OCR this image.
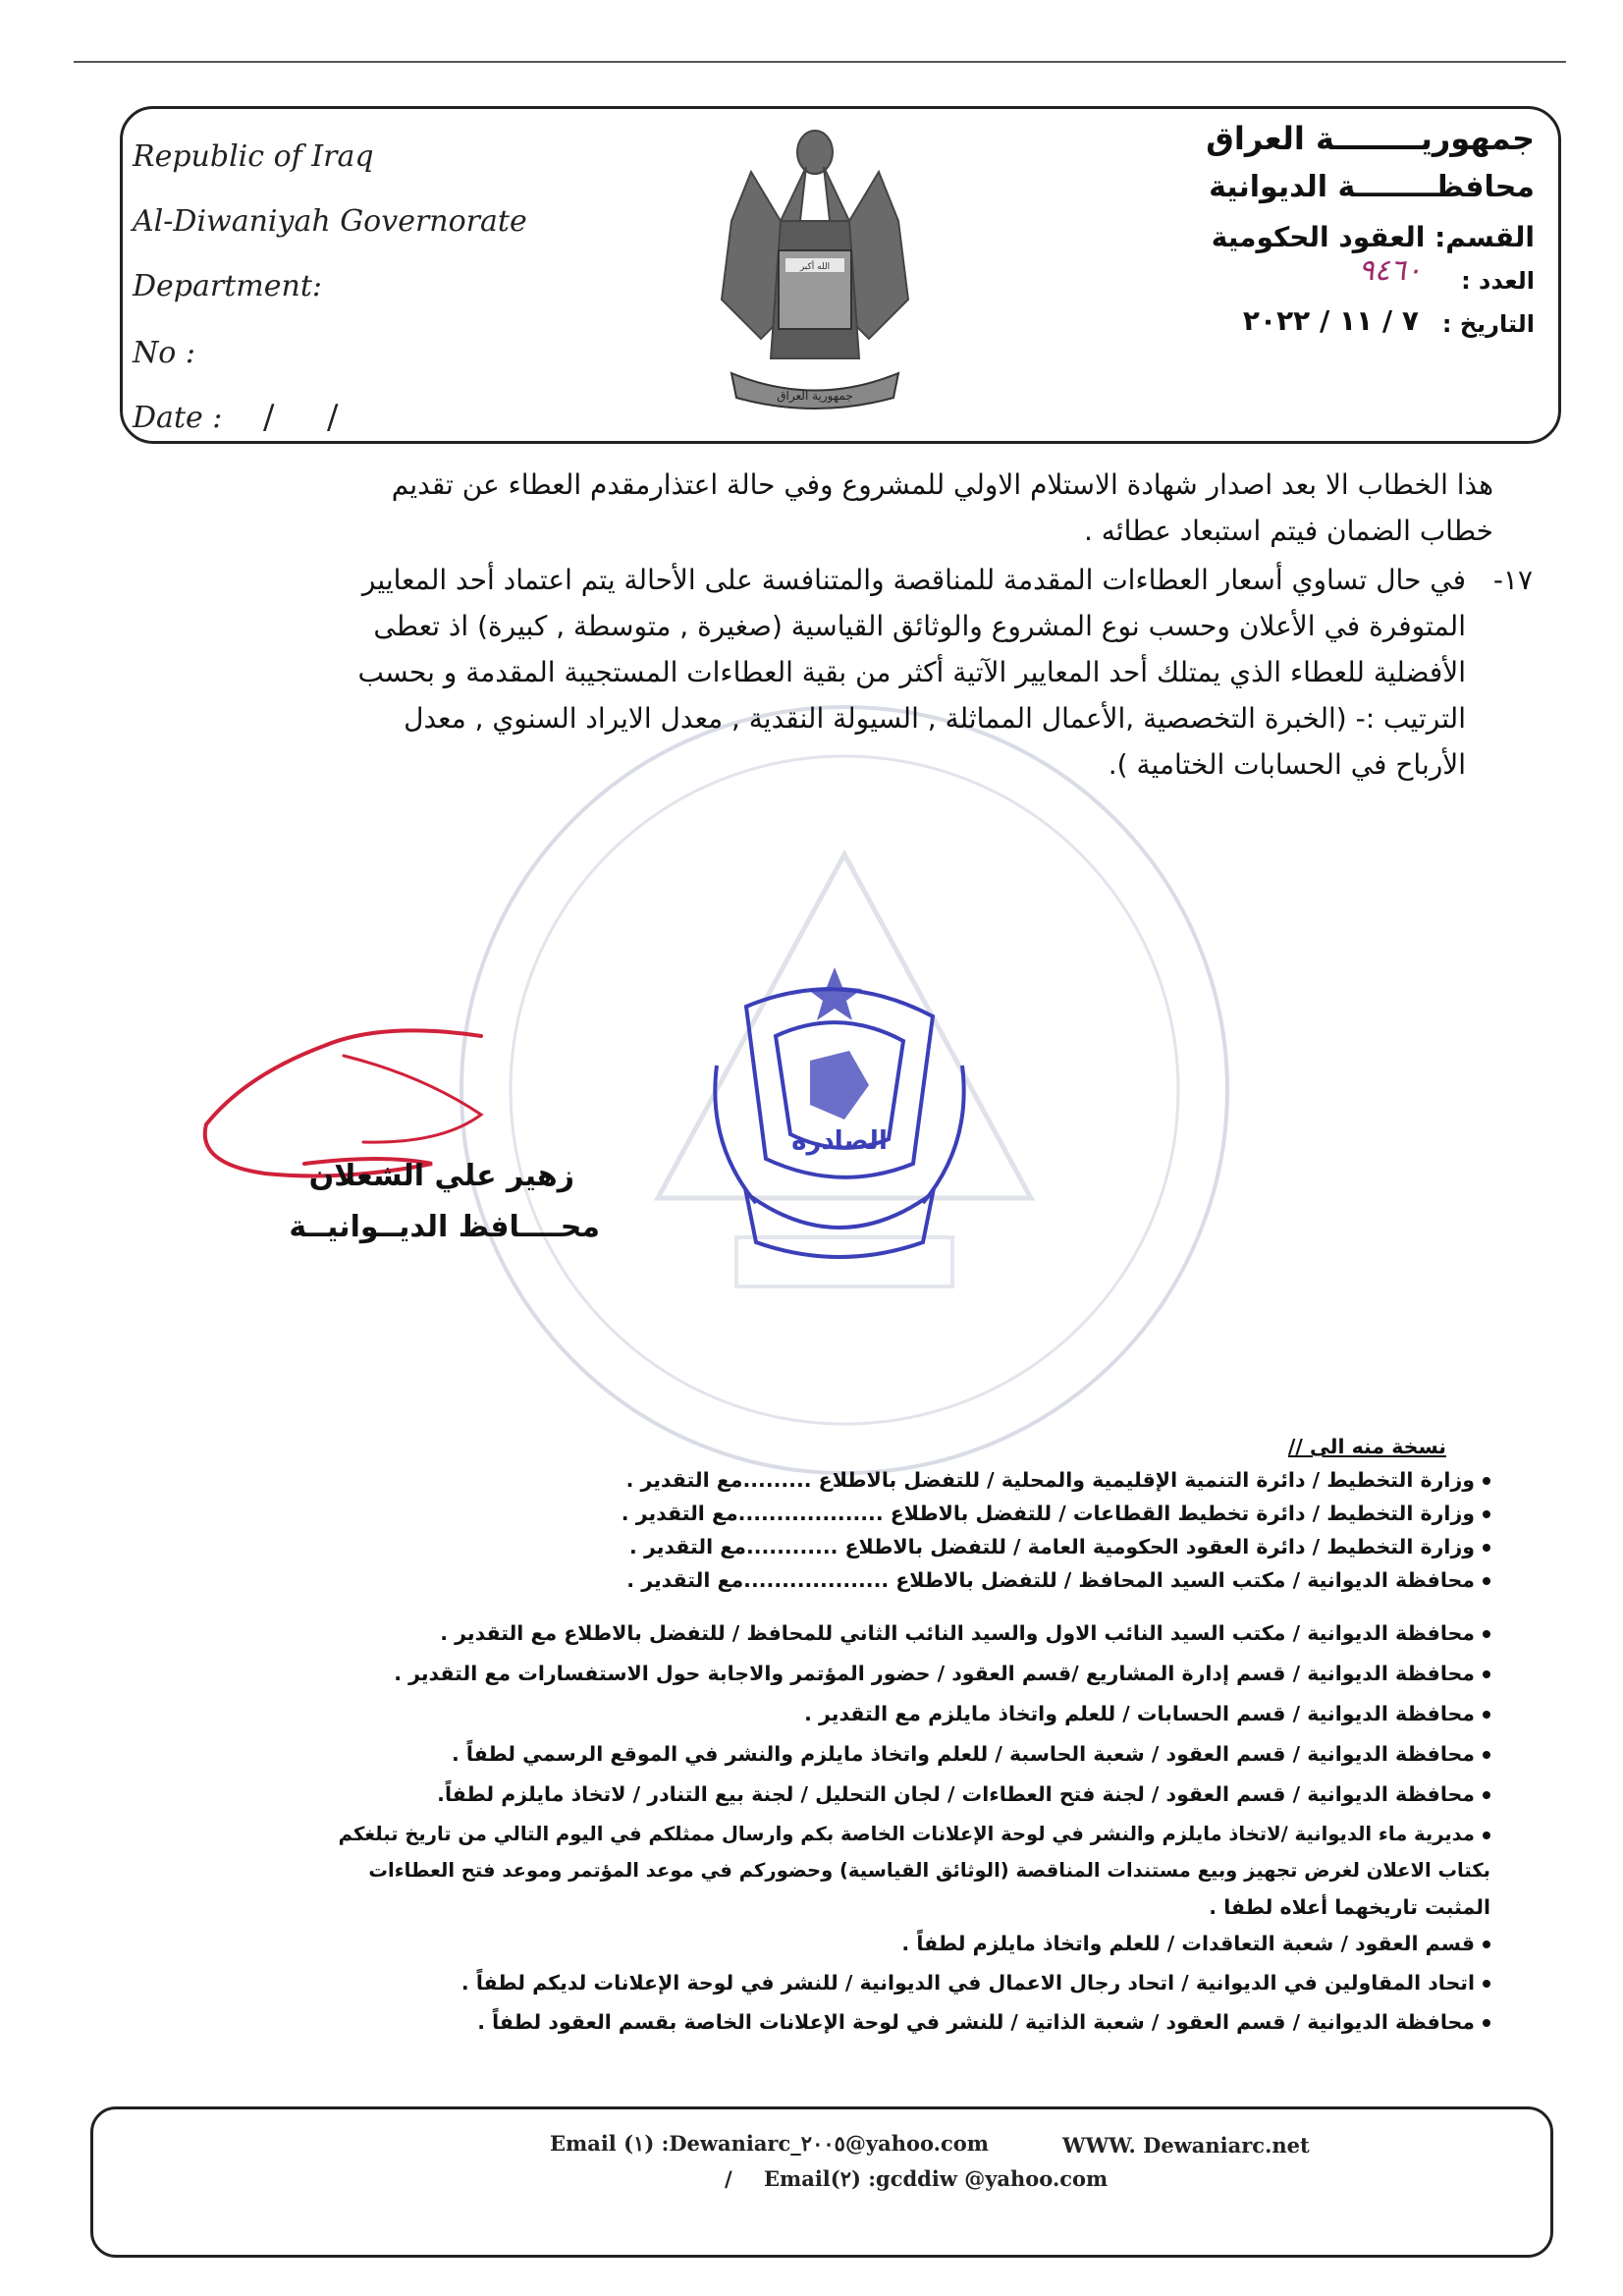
Republic of Iraq
Al-Diwaniyah Governorate
Department:
No :
Date :	/ /
الله أكبر
جمهورية العراق
جمهوريــــــــة العراق
محافظــــــــة الديوانية
القسم: العقود الحكومية
العدد :
٩٤٦٠
التاريخ :
٧ / ١١ / ٢٠٢٢
هذا الخطاب الا بعد اصدار شهادة الاستلام الاولي للمشروع وفي حالة اعتذارمقدم العطاء عن تقديم
خطاب الضمان فيتم استبعاد عطائه .
١٧-
في حال تساوي أسعار العطاءات المقدمة للمناقصة والمتنافسة على الأحالة يتم اعتماد أحد المعايير
المتوفرة في الأعلان وحسب نوع المشروع والوثائق القياسية (صغيرة , متوسطة , كبيرة) اذ تعطى
الأفضلية للعطاء الذي يمتلك أحد المعايير الآتية أكثر من بقية العطاءات المستجيبة المقدمة و بحسب
الترتيب :- (الخبرة التخصصية ,الأعمال المماثلة , السيولة النقدية , معدل الايراد السنوي , معدل
الأرباح في الحسابات الختامية ).
الصادرة
زهير علي الشعلان
محــــافظ الديــوانيــة
نسخة منه الى //
وزارة التخطيط / دائرة التنمية الإقليمية والمحلية / للتفضل بالاطلاع .........مع التقدير .
وزارة التخطيط / دائرة تخطيط القطاعات / للتفضل بالاطلاع ...................مع التقدير .
وزارة التخطيط / دائرة العقود الحكومية العامة / للتفضل بالاطلاع ............مع التقدير .
محافظة الديوانية / مكتب السيد المحافظ / للتفضل بالاطلاع ...................مع التقدير .
محافظة الديوانية / مكتب السيد النائب الاول والسيد النائب الثاني للمحافظ / للتفضل بالاطلاع مع التقدير .
محافظة الديوانية / قسم إدارة المشاريع /قسم العقود / حضور المؤتمر والاجابة حول الاستفسارات مع التقدير .
محافظة الديوانية / قسم الحسابات / للعلم واتخاذ مايلزم مع التقدير .
محافظة الديوانية / قسم العقود / شعبة الحاسبة / للعلم واتخاذ مايلزم والنشر في الموقع الرسمي لطفاً .
محافظة الديوانية / قسم العقود / لجنة فتح العطاءات / لجان التحليل / لجنة بيع التنادر / لاتخاذ مايلزم لطفاً.
مديرية ماء الديوانية /لاتخاذ مايلزم والنشر في لوحة الإعلانات الخاصة بكم وارسال ممثلكم في اليوم التالي من تاريخ تبلغكم
بكتاب الاعلان لغرض تجهيز وبيع مستندات المناقصة (الوثائق القياسية) وحضوركم في موعد المؤتمر وموعد فتح العطاءات
المثبت تاريخهما أعلاه لطفا .
قسم العقود / شعبة التعاقدات / للعلم واتخاذ مايلزم لطفاً .
اتحاد المقاولين في الديوانية / اتحاد رجال الاعمال في الديوانية / للنشر في لوحة الإعلانات لديكم لطفاً .
محافظة الديوانية / قسم العقود / شعبة الذاتية / للنشر في لوحة الإعلانات الخاصة بقسم العقود لطفاً .
Email (١) :Dewaniarc_٢٠٠٥@yahoo.com	WWW. Dewaniarc.net
/ Email(٢) :gcddiw @yahoo.com
